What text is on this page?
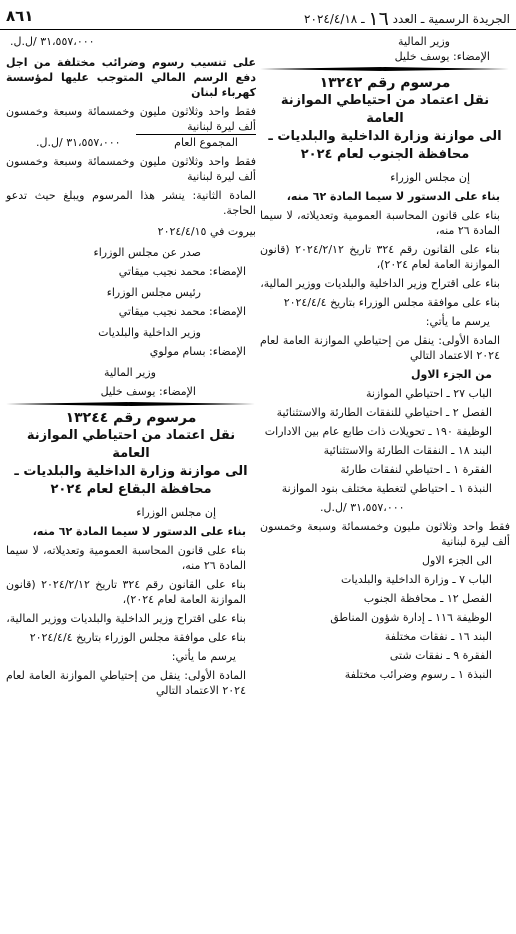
٨٦١	الجريدة الرسمية ـ العدد ١٦ ـ ٢٠٢٤/٤/١٨
وزير المالية
الإمضاء: يوسف خليل
مرسوم رقم ١٣٢٤٢
نقل اعتماد من احتياطي الموازنة العامة
الى موازنة وزارة الداخلية والبلديات ـ
محافظة الجنوب لعام ٢٠٢٤
إن مجلس الوزراء
بناء على الدستور لا سيما المادة ٦٢ منه،
بناء على قانون المحاسبة العمومية وتعديلاته، لا سيما المادة ٢٦ منه،
بناء على القانون رقم ٣٢٤ تاريخ ٢٠٢٤/٢/١٢ (قانون الموازنة العامة لعام ٢٠٢٤)،
بناء على اقتراح وزير الداخلية والبلديات ووزير المالية،
بناء على موافقة مجلس الوزراء بتاريخ ٢٠٢٤/٤/٤
يرسم ما يأتي:
المادة الأولى: ينقل من إحتياطي الموازنة العامة لعام ٢٠٢٤ الاعتماد التالي
من الجزء الاول
الباب ٢٧ ـ احتياطي الموازنة
الفصل ٢ ـ احتياطي للنفقات الطارئة والاستثنائية
الوظيفة ١٩٠ ـ تحويلات ذات طابع عام بين الادارات
البند ١٨ ـ النفقات الطارئة والاستثنائية
الفقرة ١ ـ احتياطي لنفقات طارئة
النبذة ١ ـ احتياطي لتغطية مختلف بنود الموازنة
٣١،٥٥٧،٠٠٠ /ل.ل.
فقط واحد وثلاثون مليون وخمسمائة وسبعة وخمسون ألف ليرة لبنانية
الى الجزء الاول
الباب ٧ ـ وزارة الداخلية والبلديات
الفصل ١٢ ـ محافظة الجنوب
الوظيفة ١١٦ ـ إدارة شؤون المناطق
البند ١٦ ـ نفقات مختلفة
الفقرة ٩ ـ نفقات شتى
النبذة ١ ـ رسوم وضرائب مختلفة
٣١،٥٥٧،٠٠٠ /ل.ل.
على تنسيب رسوم وضرائب مختلفة من اجل دفع الرسم المالي المتوجب عليها لمؤسسة كهرباء لبنان
فقط واحد وثلاثون مليون وخمسمائة وسبعة وخمسون ألف ليرة لبنانية
المجموع العام
٣١،٥٥٧،٠٠٠ /ل.ل.
فقط واحد وثلاثون مليون وخمسمائة وسبعة وخمسون ألف ليرة لبنانية
المادة الثانية: ينشر هذا المرسوم ويبلغ حيث تدعو الحاجة.
بيروت في ٢٠٢٤/٤/١٥
صدر عن مجلس الوزراء
الإمضاء: محمد نجيب ميقاتي
رئيس مجلس الوزراء
الإمضاء: محمد نجيب ميقاتي
وزير الداخلية والبلديات
الإمضاء: بسام مولوي
وزير المالية
الإمضاء: يوسف خليل
مرسوم رقم ١٣٢٤٤
نقل اعتماد من احتياطي الموازنة العامة
الى موازنة وزارة الداخلية والبلديات ـ
محافظة البقاع لعام ٢٠٢٤
إن مجلس الوزراء
بناء على الدستور لا سيما المادة ٦٢ منه،
بناء على قانون المحاسبة العمومية وتعديلاته، لا سيما المادة ٢٦ منه،
بناء على القانون رقم ٣٢٤ تاريخ ٢٠٢٤/٢/١٢ (قانون الموازنة العامة لعام ٢٠٢٤)،
بناء على اقتراح وزير الداخلية والبلديات ووزير المالية،
بناء على موافقة مجلس الوزراء بتاريخ ٢٠٢٤/٤/٤
يرسم ما يأتي:
المادة الأولى: ينقل من إحتياطي الموازنة العامة لعام ٢٠٢٤ الاعتماد التالي
